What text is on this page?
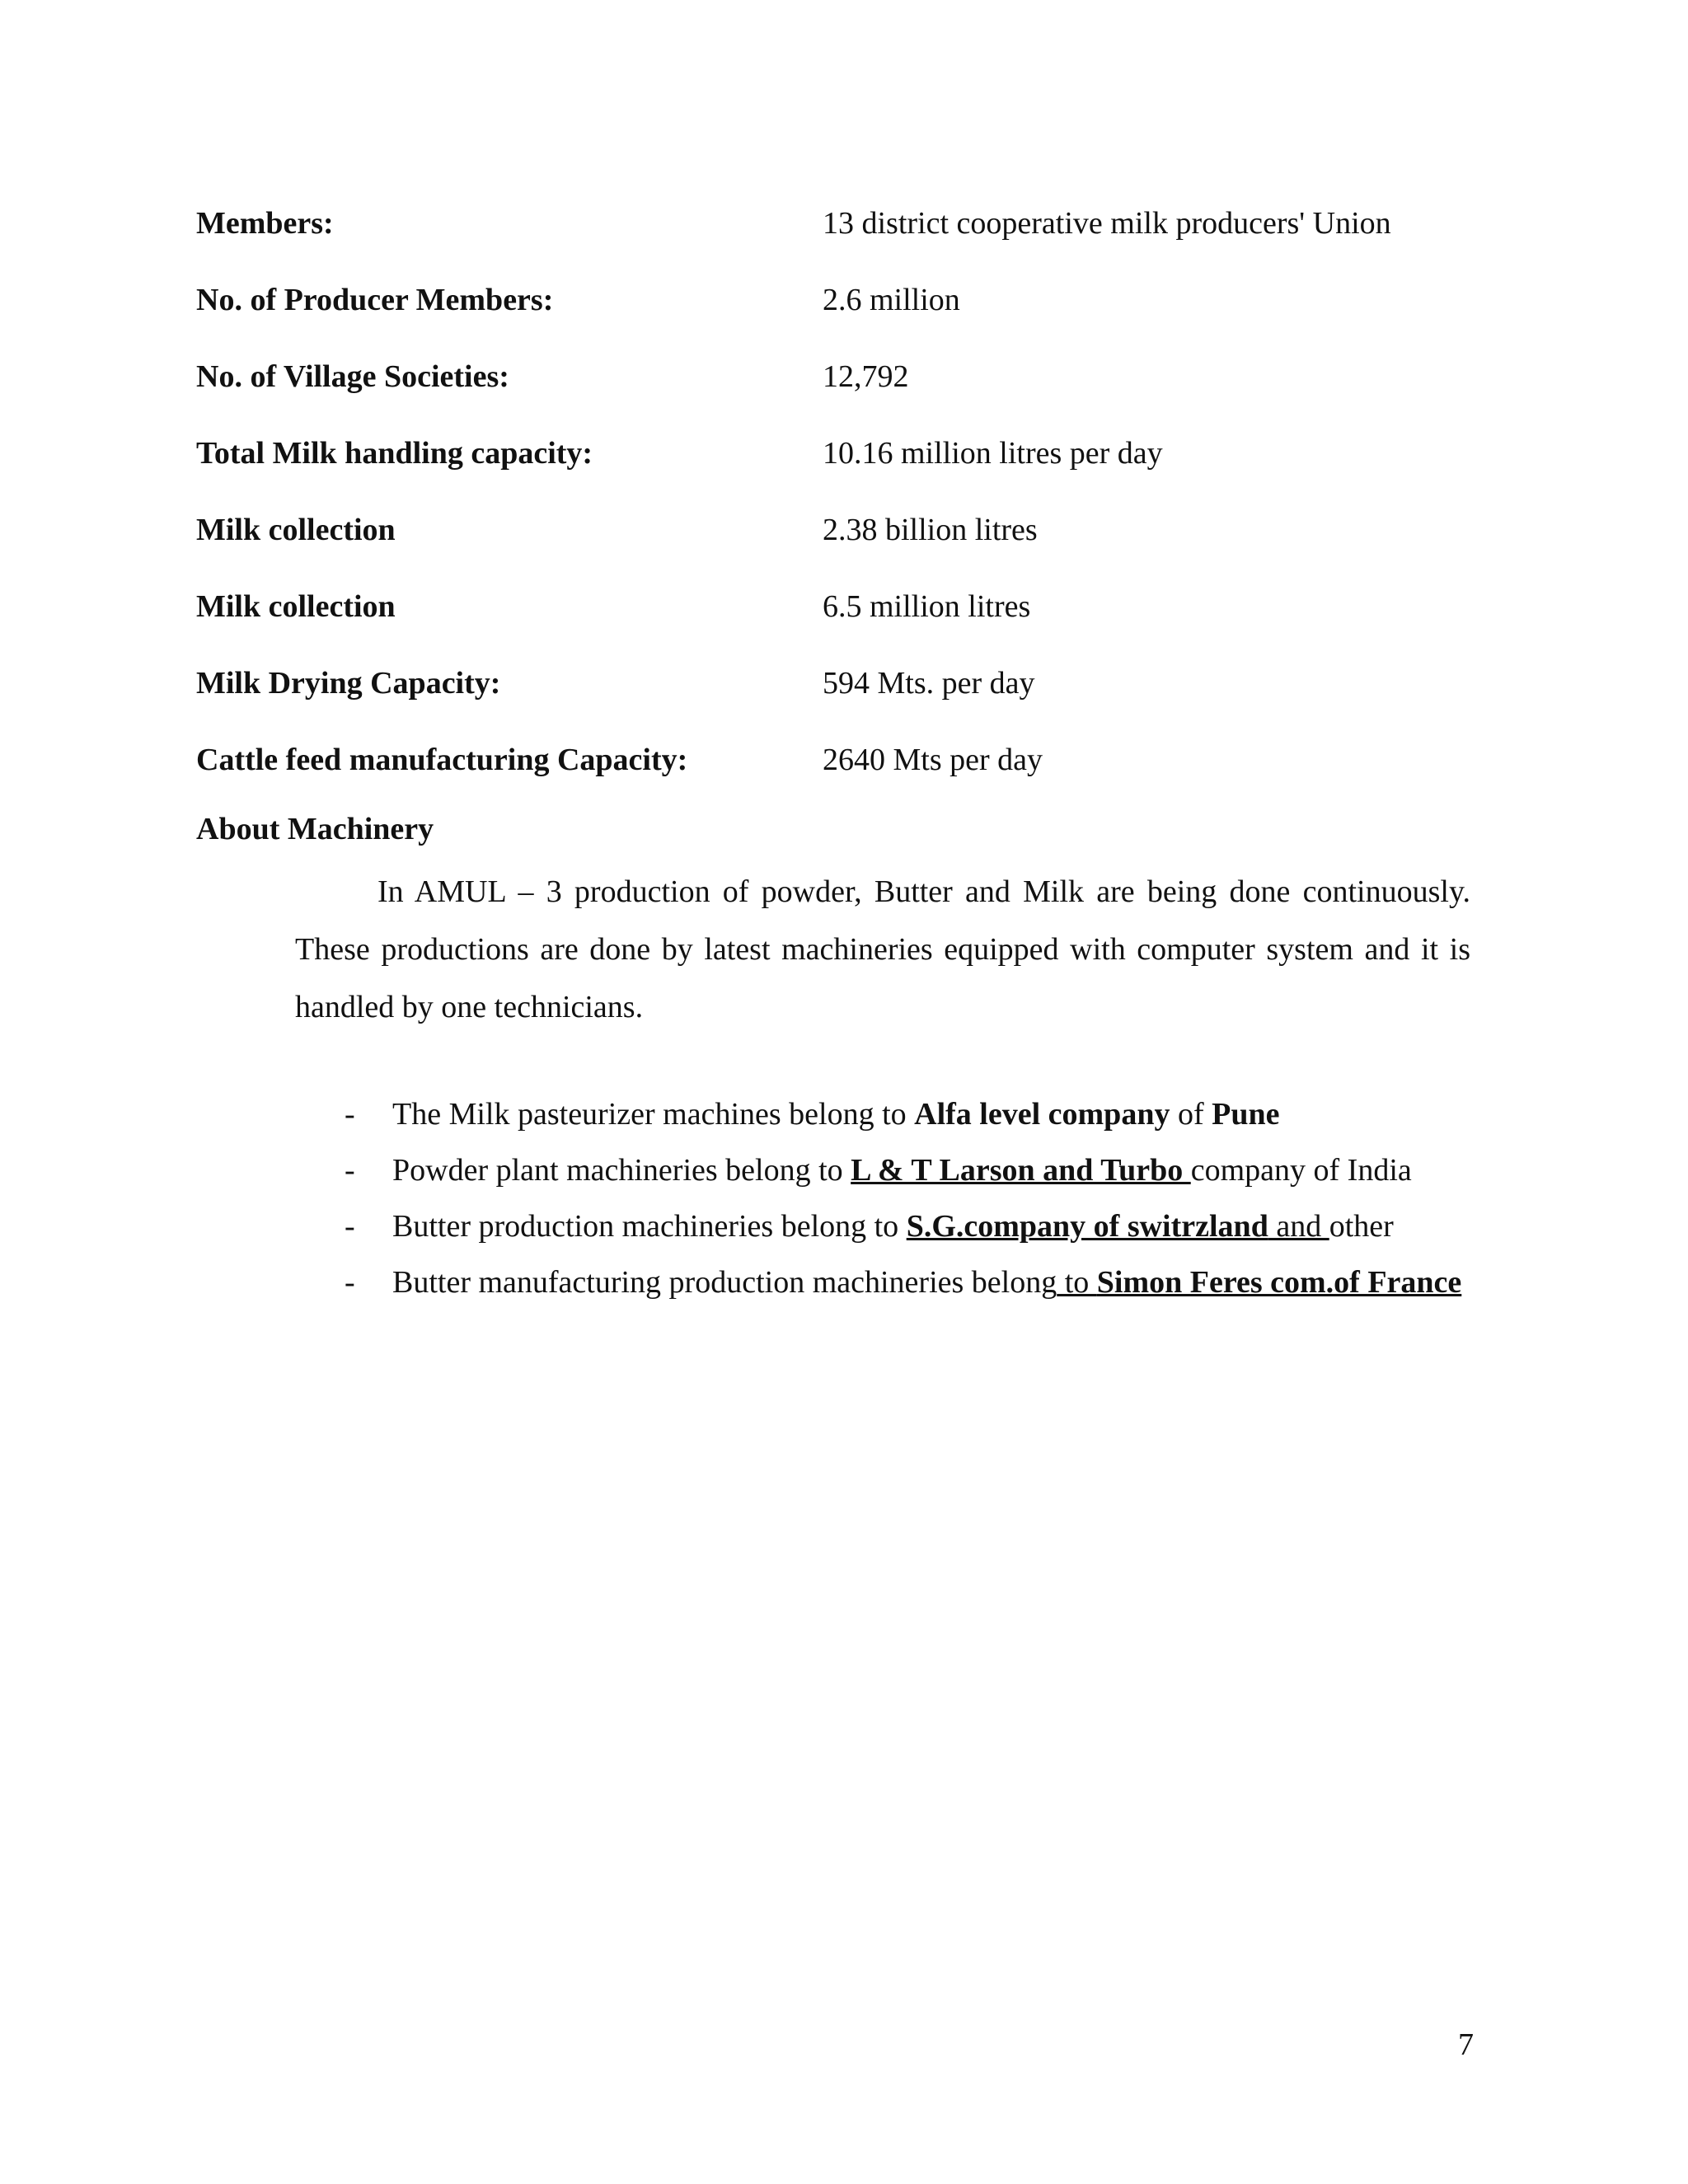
Members:	13 district cooperative milk producers' Union
No. of Producer Members:	2.6 million
No. of Village Societies:	12,792
Total Milk handling capacity:	10.16 million litres per day
Milk collection	2.38 billion litres
Milk collection	6.5 million litres
Milk Drying Capacity:	594 Mts. per day
Cattle feed manufacturing Capacity:	2640 Mts per day
About Machinery
In AMUL – 3 production of powder, Butter and Milk are being done continuously. These productions are done by latest machineries equipped with computer system and it is handled by one technicians.
- The Milk pasteurizer machines belong to Alfa level company of Pune
- Powder plant machineries belong to L & T Larson and Turbo company of India
- Butter production machineries belong to S.G.company of switrzland and other
- Butter manufacturing production machineries belong to Simon Feres com.of France
7
